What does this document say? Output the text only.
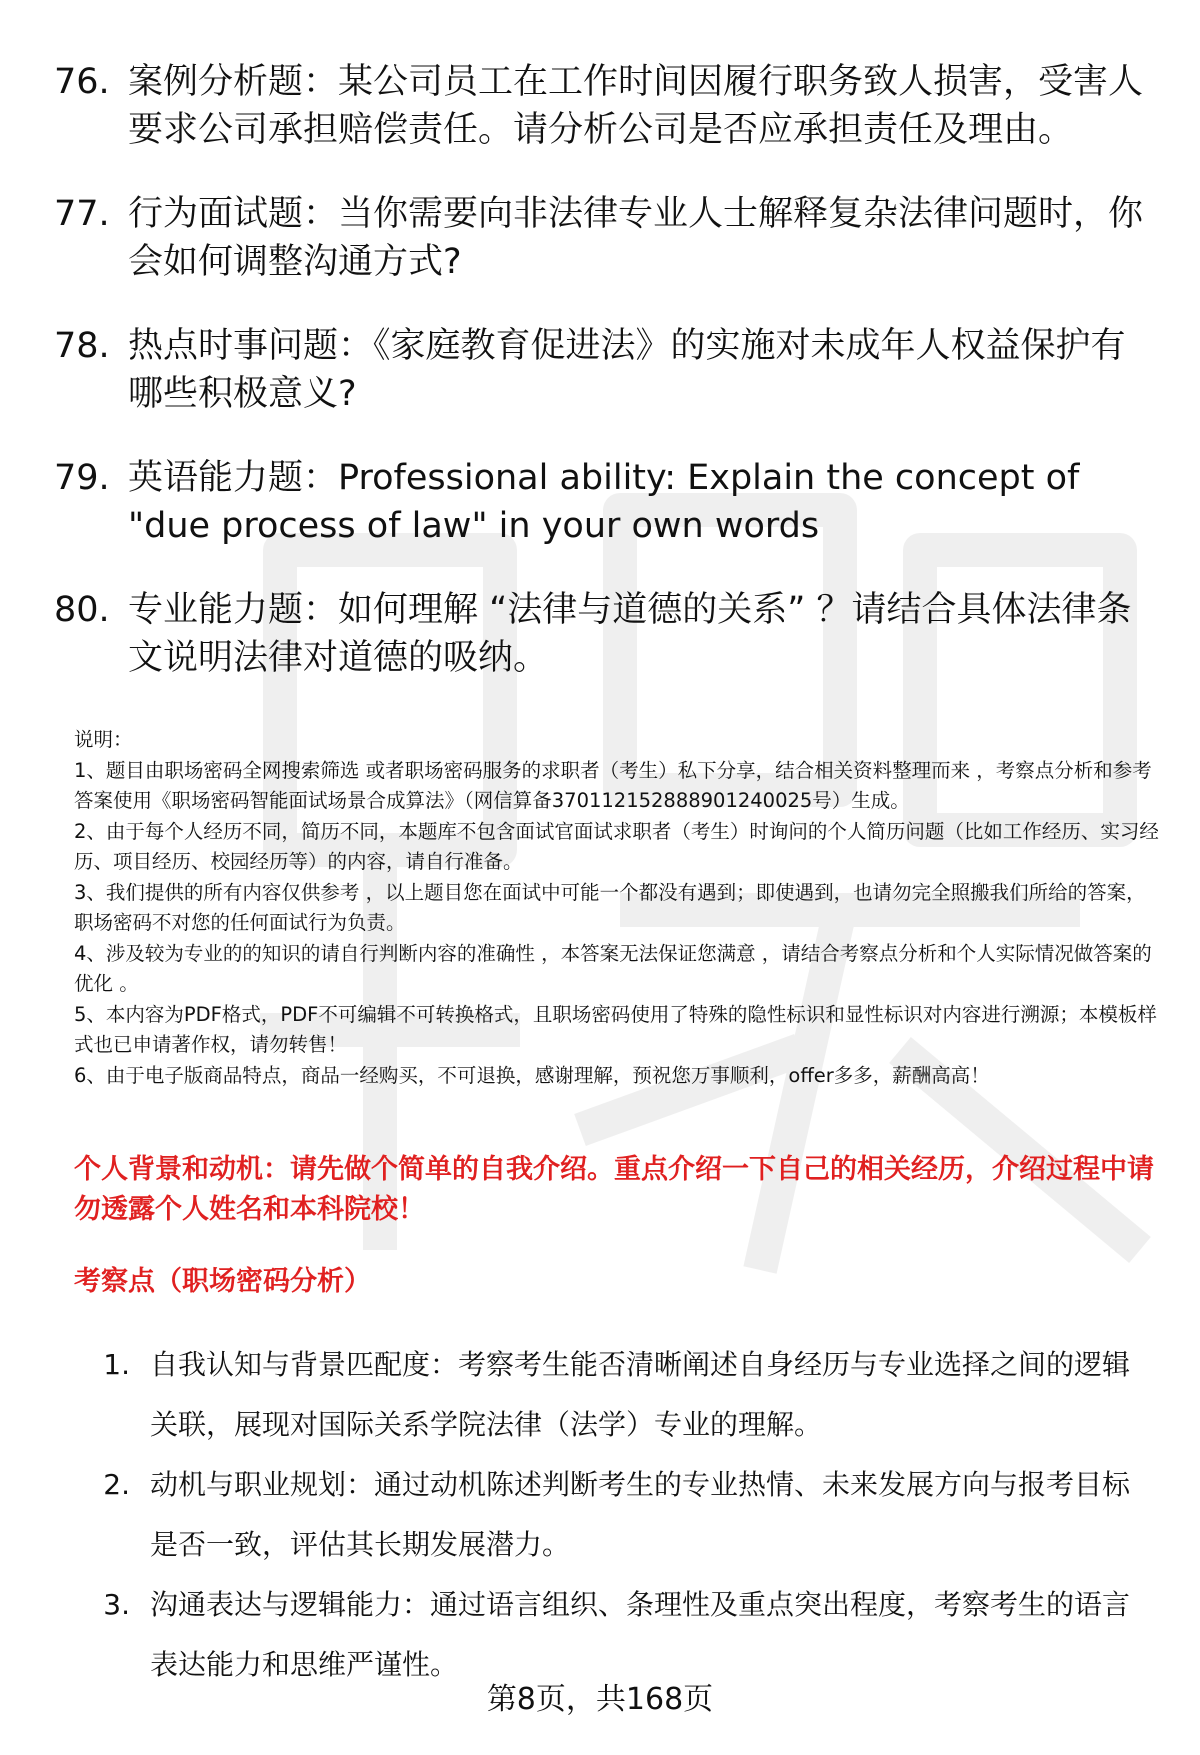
76. 案例分析题：某公司员工在工作时间因履行职务致人损害，受害人要求公司承担赔偿责任。请分析公司是否应承担责任及理由。
77. 行为面试题：当你需要向非法律专业人士解释复杂法律问题时，你会如何调整沟通方式?
78. 热点时事问题：《家庭教育促进法》的实施对未成年人权益保护有哪些积极意义?
79. 英语能力题：Professional ability: Explain the concept of "due process of law" in your own words
80. 专业能力题：如何理解 “法律与道德的关系” ？请结合具体法律条文说明法律对道德的吸纳。

说明：

1、题目由职场密码全网搜索筛选 或者职场密码服务的求职者（考生）私下分享，结合相关资料整理而来 ，考察点分析和参考答案使用《职场密码智能面试场景合成算法》（网信算备370112152888901240025号）生成。

2、由于每个人经历不同，简历不同，本题库不包含面试官面试求职者（考生）时询问的个人简历问题（比如工作经历、实习经历、项目经历、校园经历等）的内容，请自行准备。

3、我们提供的所有内容仅供参考 ，以上题目您在面试中可能一个都没有遇到；即使遇到，也请勿完全照搬我们所给的答案，职场密码不对您的任何面试行为负责。

4、涉及较为专业的的知识的请自行判断内容的准确性 ，本答案无法保证您满意 ，请结合考察点分析和个人实际情况做答案的优化 。

5、本内容为PDF格式，PDF不可编辑不可转换格式，且职场密码使用了特殊的隐性标识和显性标识对内容进行溯源；本模板样式也已申请著作权，请勿转售！

6、由于电子版商品特点，商品一经购买，不可退换，感谢理解，预祝您万事顺利，offer多多，薪酬高高！

个人背景和动机：请先做个简单的自我介绍。重点介绍一下自己的相关经历，介绍过程中请勿透露个人姓名和本科院校！
考察点（职场密码分析）
1. 自我认知与背景匹配度：考察考生能否清晰阐述自身经历与专业选择之间的逻辑关联，展现对国际关系学院法律（法学）专业的理解。
2. 动机与职业规划：通过动机陈述判断考生的专业热情、未来发展方向与报考目标是否一致，评估其长期发展潜力。
3. 沟通表达与逻辑能力：通过语言组织、条理性及重点突出程度，考察考生的语言表达能力和思维严谨性。
第8页，共168页
